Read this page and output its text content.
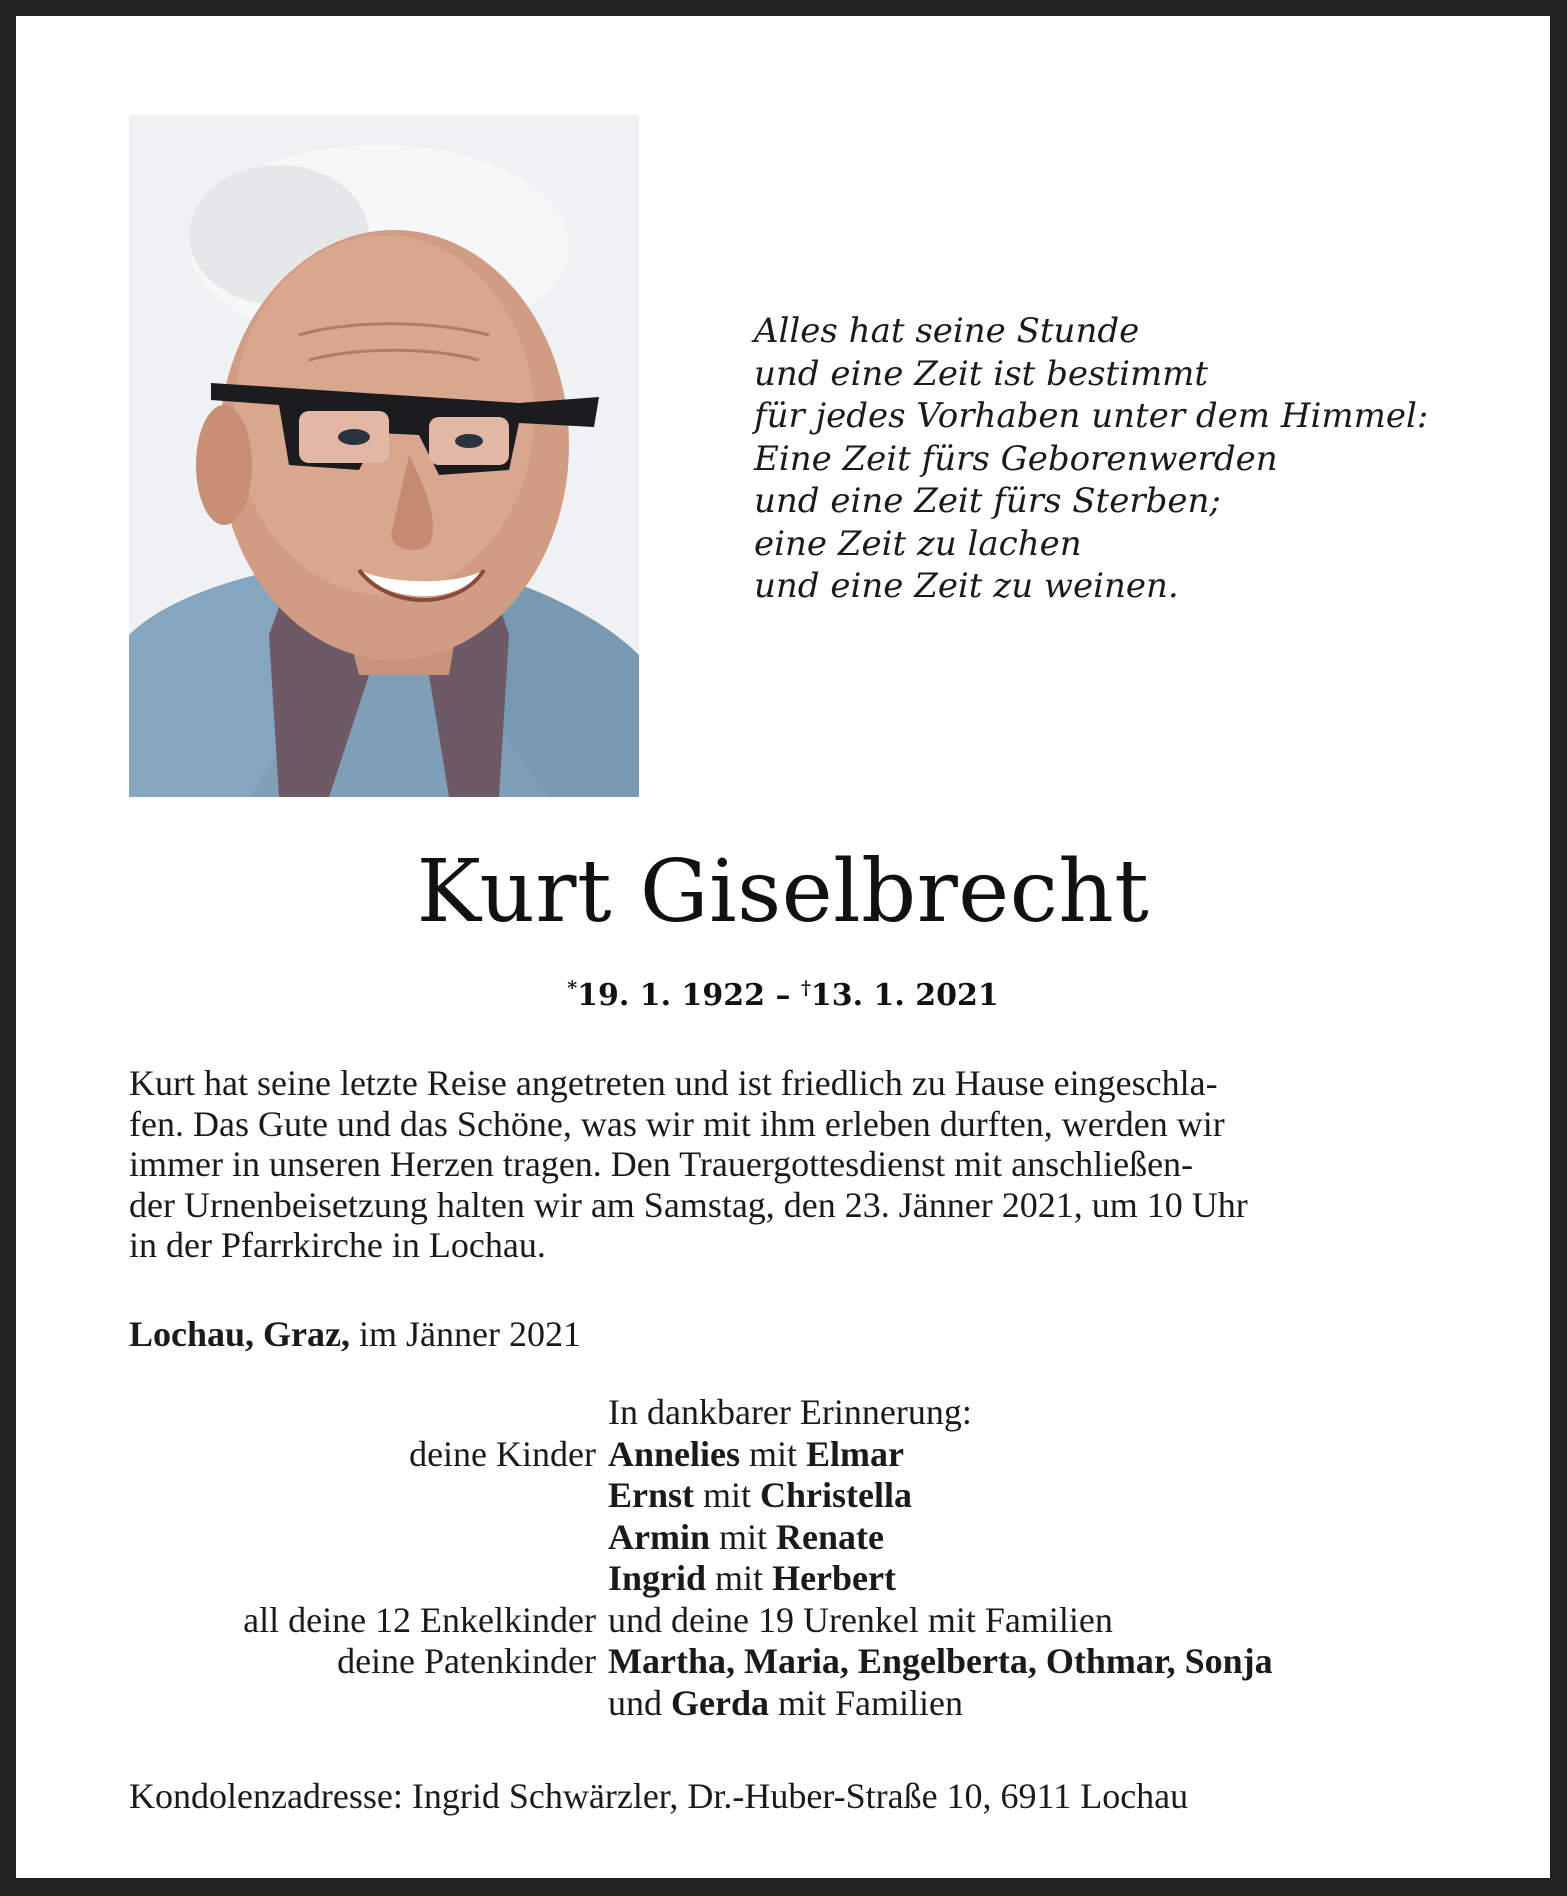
Alles hat seine Stunde
und eine Zeit ist bestimmt
für jedes Vorhaben unter dem Himmel:
Eine Zeit fürs Geborenwerden
und eine Zeit fürs Sterben;
eine Zeit zu lachen
und eine Zeit zu weinen.
Kurt Giselbrecht
*19. 1. 1922 – †13. 1. 2021
Kurt hat seine letzte Reise angetreten und ist friedlich zu Hause eingeschla-
fen. Das Gute und das Schöne, was wir mit ihm erleben durften, werden wir
immer in unseren Herzen tragen. Den Trauergottesdienst mit anschließen-
der Urnenbeisetzung halten wir am Samstag, den 23. Jänner 2021, um 10 Uhr
in der Pfarrkirche in Lochau.
Lochau, Graz, im Jänner 2021
In dankbarer Erinnerung:
deine Kinder Annelies mit Elmar
Ernst mit Christella
Armin mit Renate
Ingrid mit Herbert
all deine 12 Enkelkinder und deine 19 Urenkel mit Familien
deine Patenkinder Martha, Maria, Engelberta, Othmar, Sonja
und Gerda mit Familien
Kondolenzadresse: Ingrid Schwärzler, Dr.-Huber-Straße 10, 6911 Lochau
